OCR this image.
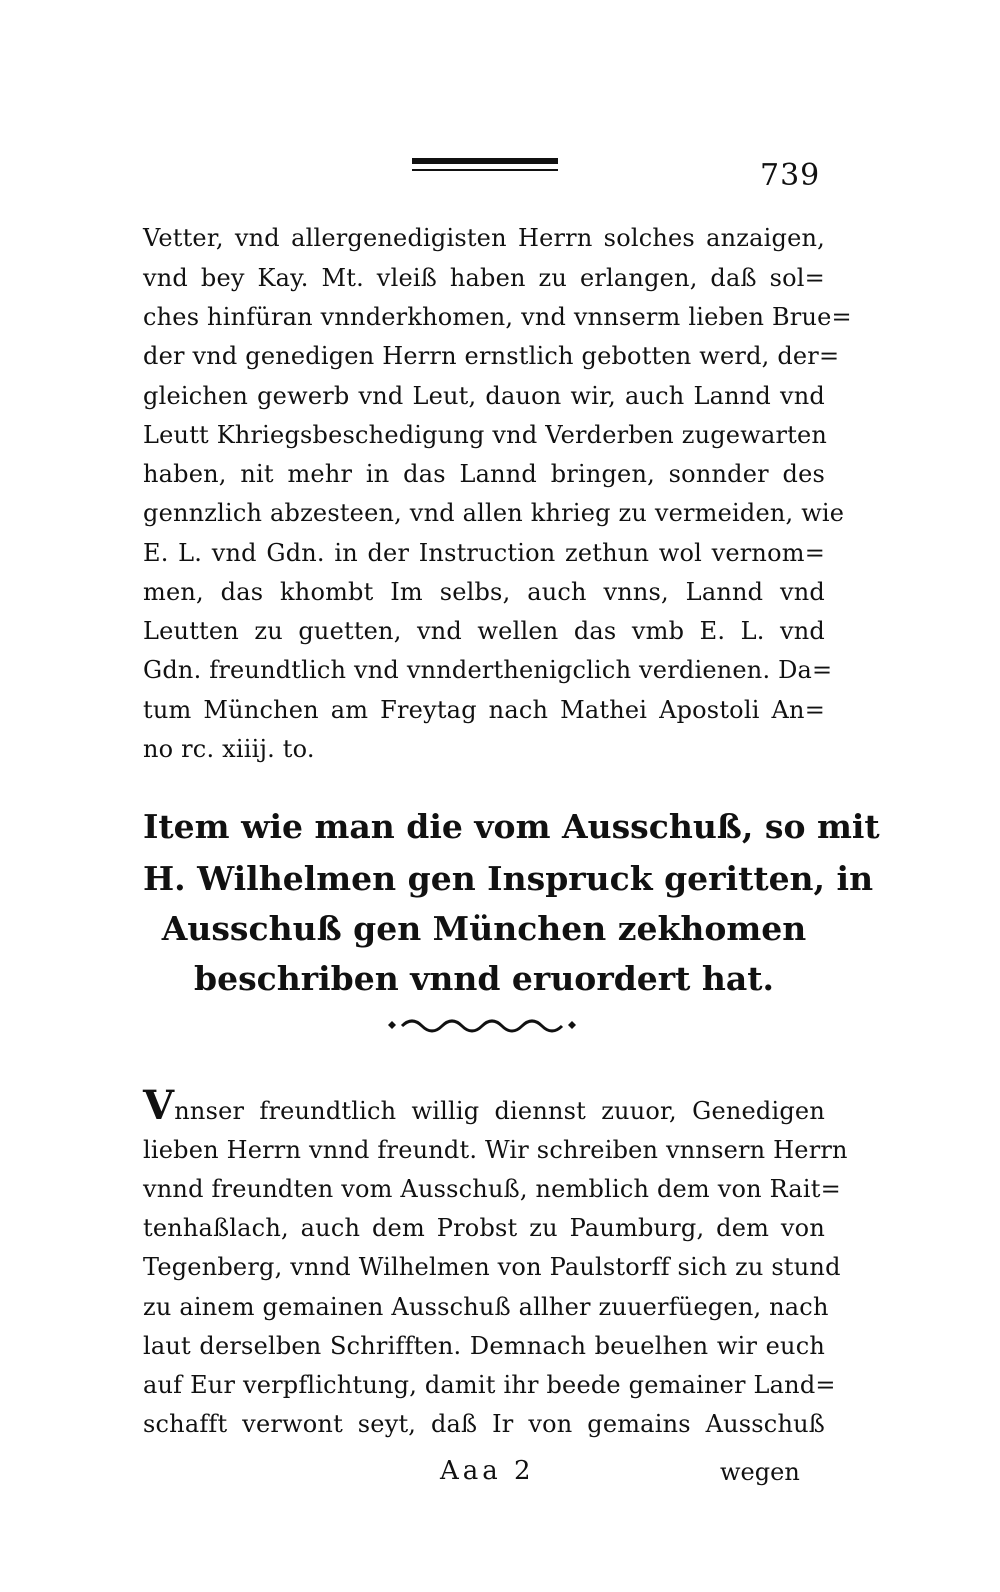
739
Vetter, vnd allergenedigisten Herrn solches anzaigen,
vnd bey Kay. Mt. vleiß haben zu erlangen, daß sol=
ches hinfüran vnnderkhomen, vnd vnnserm lieben Brue=
der vnd genedigen Herrn ernstlich gebotten werd, der=
gleichen gewerb vnd Leut, dauon wir, auch Lannd vnd
Leutt Khriegsbeschedigung vnd Verderben zugewarten
haben, nit mehr in das Lannd bringen, sonnder des
gennzlich abzesteen, vnd allen khrieg zu vermeiden, wie
E. L. vnd Gdn. in der Instruction zethun wol vernom=
men, das khombt Im selbs, auch vnns, Lannd vnd
Leutten zu guetten, vnd wellen das vmb E. L. vnd
Gdn. freundtlich vnd vnnderthenigclich verdienen. Da=
tum München am Freytag nach Mathei Apostoli An=
no rc. xiiij. to.
Item wie man die vom Ausschuß, so mit
H. Wilhelmen gen Inspruck geritten, in
Ausschuß gen München zekhomen
beschriben vnnd eruordert hat.
Vnnser freundtlich willig diennst zuuor, Genedigen
lieben Herrn vnnd freundt. Wir schreiben vnnsern Herrn
vnnd freundten vom Ausschuß, nemblich dem von Rait=
tenhaßlach, auch dem Probst zu Paumburg, dem von
Tegenberg, vnnd Wilhelmen von Paulstorff sich zu stund
zu ainem gemainen Ausschuß allher zuuerfüegen, nach
laut derselben Schrifften. Demnach beuelhen wir euch
auf Eur verpflichtung, damit ihr beede gemainer Land=
schafft verwont seyt, daß Ir von gemains Ausschuß
Aaa 2	wegen
